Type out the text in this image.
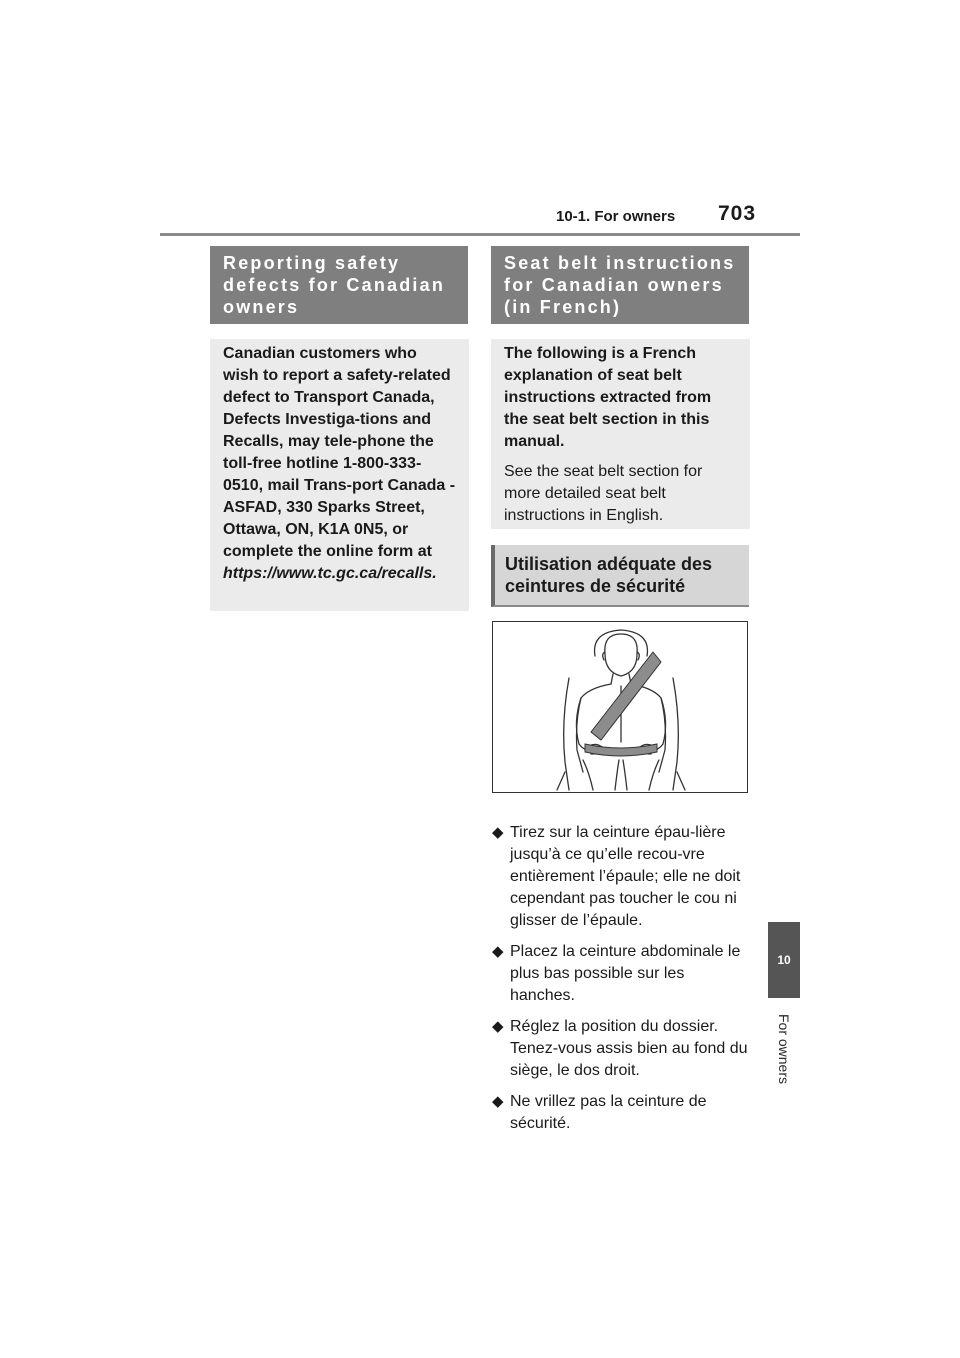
10-1. For owners 703
10
For owners
Reporting safety defects for Canadian owners
Canadian customers who wish to report a safety-related defect to Transport Canada, Defects Investiga-tions and Recalls, may tele-phone the toll-free hotline 1-800-333-0510, mail Trans-port Canada - ASFAD, 330 Sparks Street, Ottawa, ON, K1A 0N5, or complete the online form at https://www.tc.gc.ca/recalls.
Seat belt instructions for Canadian owners (in French)

The following is a French explanation of seat belt instructions extracted from the seat belt section in this manual.

See the seat belt section for more detailed seat belt instructions in English.

Utilisation adéquate des ceintures de sécurité
◆ Tirez sur la ceinture épau-lière jusqu’à ce qu’elle recou-vre entièrement l’épaule; elle ne doit cependant pas toucher le cou ni glisser de l’épaule.
◆ Placez la ceinture abdominale le plus bas possible sur les hanches.
◆ Réglez la position du dossier. Tenez-vous assis bien au fond du siège, le dos droit.
◆ Ne vrillez pas la ceinture de sécurité.
